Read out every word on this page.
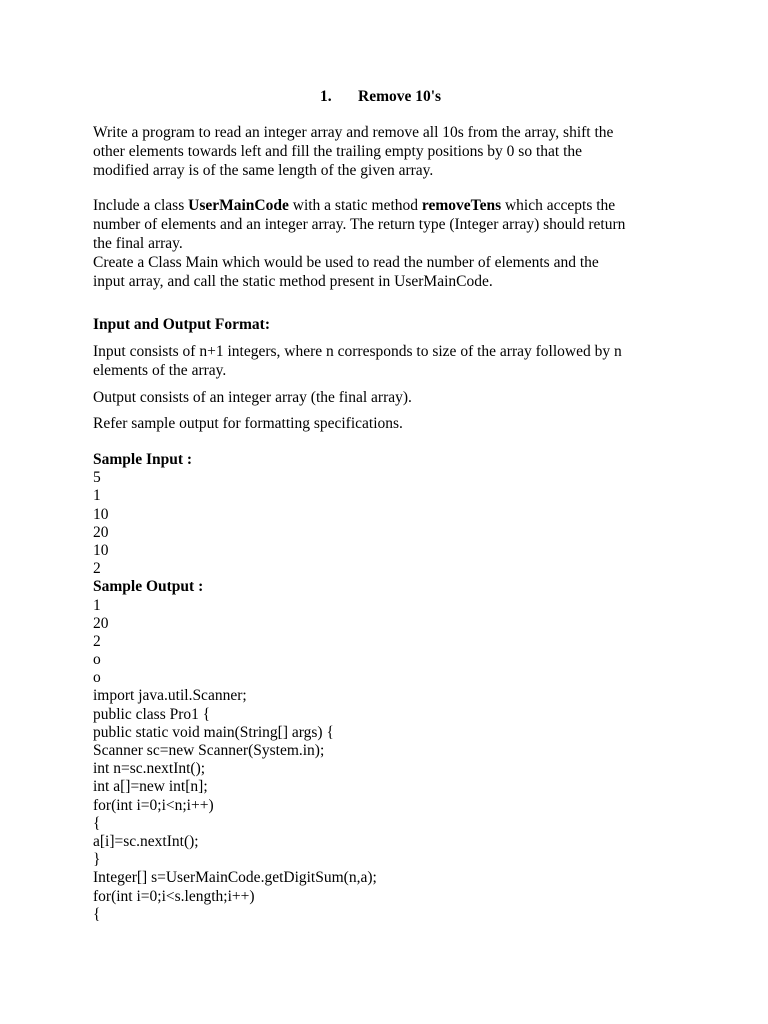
1. Remove 10's
Write a program to read an integer array and remove all 10s from the array, shift the
other elements towards left and fill the trailing empty positions by 0 so that the
modified array is of the same length of the given array.
Include a class UserMainCode with a static method removeTens which accepts the
number of elements and an integer array. The return type (Integer array) should return
the final array.
Create a Class Main which would be used to read the number of elements and the
input array, and call the static method present in UserMainCode.
Input and Output Format:
Input consists of n+1 integers, where n corresponds to size of the array followed by n
elements of the array.
Output consists of an integer array (the final array).
Refer sample output for formatting specifications.
Sample Input :
5
1
10
20
10
2
Sample Output :
1
20
2
o
o
import java.util.Scanner;
public class Pro1 {
public static void main(String[] args) {
Scanner sc=new Scanner(System.in);
int n=sc.nextInt();
int a[]=new int[n];
for(int i=0;i<n;i++)
{
a[i]=sc.nextInt();
}
Integer[] s=UserMainCode.getDigitSum(n,a);
for(int i=0;i<s.length;i++)
{
